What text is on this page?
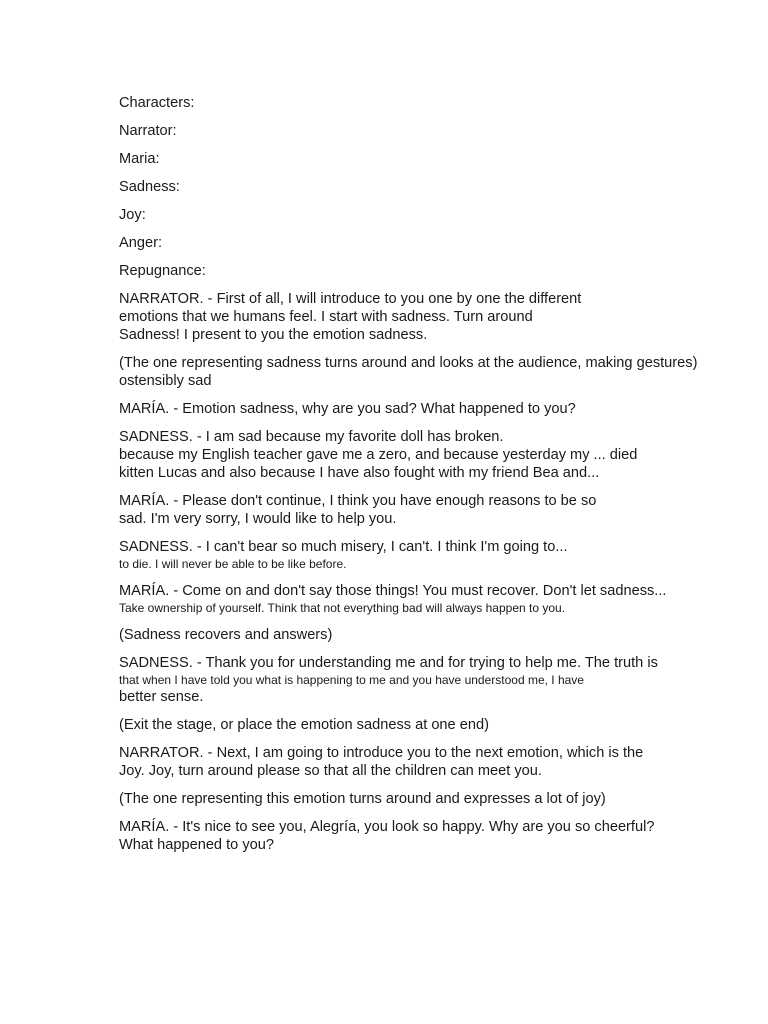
Characters:
Narrator:
Maria:
Sadness:
Joy:
Anger:
Repugnance:
NARRATOR. - First of all, I will introduce to you one by one the different
emotions that we humans feel. I start with sadness. Turn around
Sadness! I present to you the emotion sadness.
(The one representing sadness turns around and looks at the audience, making gestures)
ostensibly sad
MARÍA. - Emotion sadness, why are you sad? What happened to you?
SADNESS. - I am sad because my favorite doll has broken.
because my English teacher gave me a zero, and because yesterday my ... died
kitten Lucas and also because I have also fought with my friend Bea and...
MARÍA. - Please don't continue, I think you have enough reasons to be so
sad. I'm very sorry, I would like to help you.
SADNESS. - I can't bear so much misery, I can't. I think I'm going to...
to die. I will never be able to be like before.
MARÍA. - Come on and don't say those things! You must recover. Don't let sadness...
Take ownership of yourself. Think that not everything bad will always happen to you.
(Sadness recovers and answers)
SADNESS. - Thank you for understanding me and for trying to help me. The truth is
that when I have told you what is happening to me and you have understood me, I have
better sense.
(Exit the stage, or place the emotion sadness at one end)
NARRATOR. - Next, I am going to introduce you to the next emotion, which is the
Joy. Joy, turn around please so that all the children can meet you.
(The one representing this emotion turns around and expresses a lot of joy)
MARÍA. - It's nice to see you, Alegría, you look so happy. Why are you so cheerful?
What happened to you?
